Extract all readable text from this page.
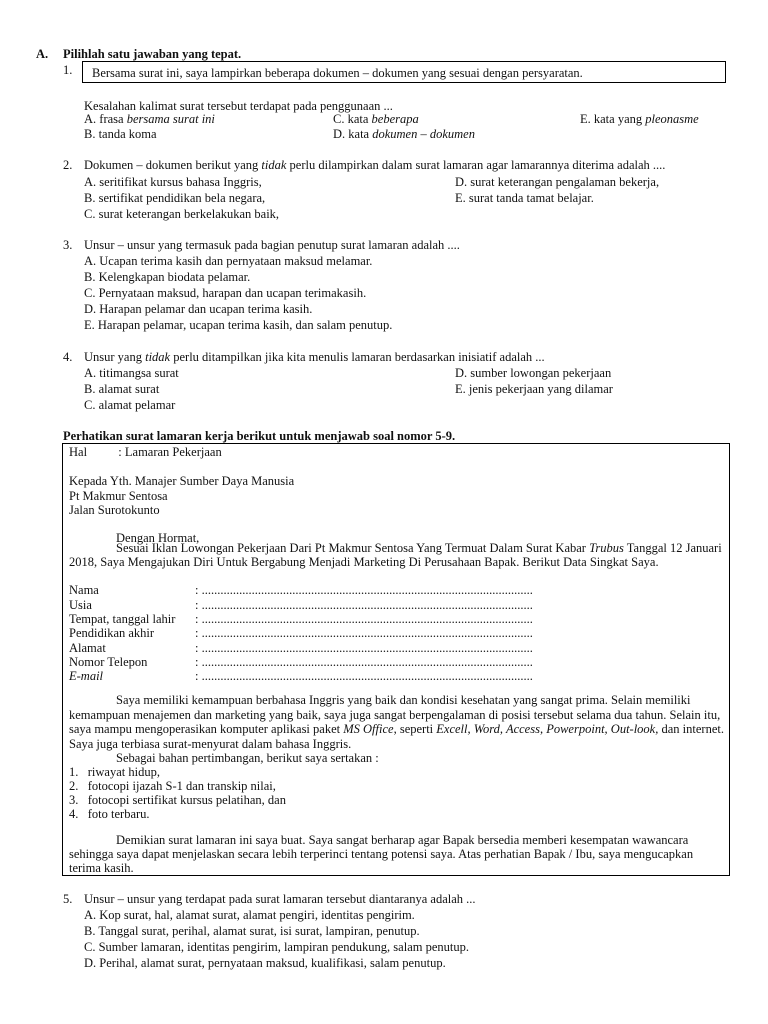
A. Pilihlah satu jawaban yang tepat.
1. Bersama surat ini, saya lampirkan beberapa dokumen – dokumen yang sesuai dengan persyaratan.
Kesalahan kalimat surat tersebut terdapat pada penggunaan ...
A. frasa bersama surat ini
B. tanda koma
C. kata beberapa
D. kata dokumen – dokumen
E. kata yang pleonasme
2. Dokumen – dokumen berikut yang tidak perlu dilampirkan dalam surat lamaran agar lamarannya diterima adalah ....
A. seritifikat kursus bahasa Inggris,
B. sertifikat pendidikan bela negara,
C. surat keterangan berkelakukan baik,
D. surat keterangan pengalaman bekerja,
E. surat tanda tamat belajar.
3. Unsur – unsur yang termasuk pada bagian penutup surat lamaran adalah ....
A. Ucapan terima kasih dan pernyataan maksud melamar.
B. Kelengkapan biodata pelamar.
C. Pernyataan maksud, harapan dan ucapan terimakasih.
D. Harapan pelamar dan ucapan terima kasih.
E. Harapan pelamar, ucapan terima kasih, dan salam penutup.
4. Unsur yang tidak perlu ditampilkan jika kita menulis lamaran berdasarkan inisiatif adalah ...
A. titimangsa surat
B. alamat surat
C. alamat pelamar
D. sumber lowongan pekerjaan
E. jenis pekerjaan yang dilamar
Perhatikan surat lamaran kerja berikut untuk menjawab soal nomor 5-9.
Hal          : Lamaran Pekerjaan
Kepada Yth. Manajer Sumber Daya Manusia
Pt Makmur Sentosa
Jalan Surotokunto
Dengan Hormat,
Sesuai Iklan Lowongan Pekerjaan Dari Pt Makmur Sentosa Yang Termuat Dalam Surat Kabar Trubus Tanggal 12 Januari 2018, Saya Mengajukan Diri Untuk Bergabung Menjadi Marketing Di Perusahaan Bapak. Berikut Data Singkat Saya.
Nama	: ..........................................................................................................
Usia	: ..........................................................................................................
Tempat, tanggal lahir : ..........................................................................................................
Pendidikan akhir	: ..........................................................................................................
Alamat	: ..........................................................................................................
Nomor Telepon	: ..........................................................................................................
E-mail	: ..........................................................................................................
Saya memiliki kemampuan berbahasa Inggris yang baik dan kondisi kesehatan yang sangat prima. Selain memiliki kemampuan menajemen dan marketing yang baik, saya juga sangat berpengalaman di posisi tersebut selama dua tahun. Selain itu, saya mampu mengoperasikan komputer aplikasi paket MS Office, seperti Excell, Word, Access, Powerpoint, Out-look, dan internet. Saya juga terbiasa surat-menyurat dalam bahasa Inggris.
Sebagai bahan pertimbangan, berikut saya sertakan :
1.   riwayat hidup,
2.   fotocopi ijazah S-1 dan transkip nilai,
3.   fotocopi sertifikat kursus pelatihan, dan
4.   foto terbaru.
Demikian surat lamaran ini saya buat. Saya sangat berharap agar Bapak bersedia memberi kesempatan wawancara sehingga saya dapat menjelaskan secara lebih terperinci tentang potensi saya. Atas perhatian Bapak / Ibu, saya mengucapkan terima kasih.
5. Unsur – unsur yang terdapat pada surat lamaran tersebut diantaranya adalah ...
A. Kop surat, hal, alamat surat, alamat pengiri, identitas pengirim.
B. Tanggal surat, perihal, alamat surat, isi surat, lampiran, penutup.
C. Sumber lamaran, identitas pengirim, lampiran pendukung, salam penutup.
D. Perihal, alamat surat, pernyataan maksud, kualifikasi, salam penutup.
